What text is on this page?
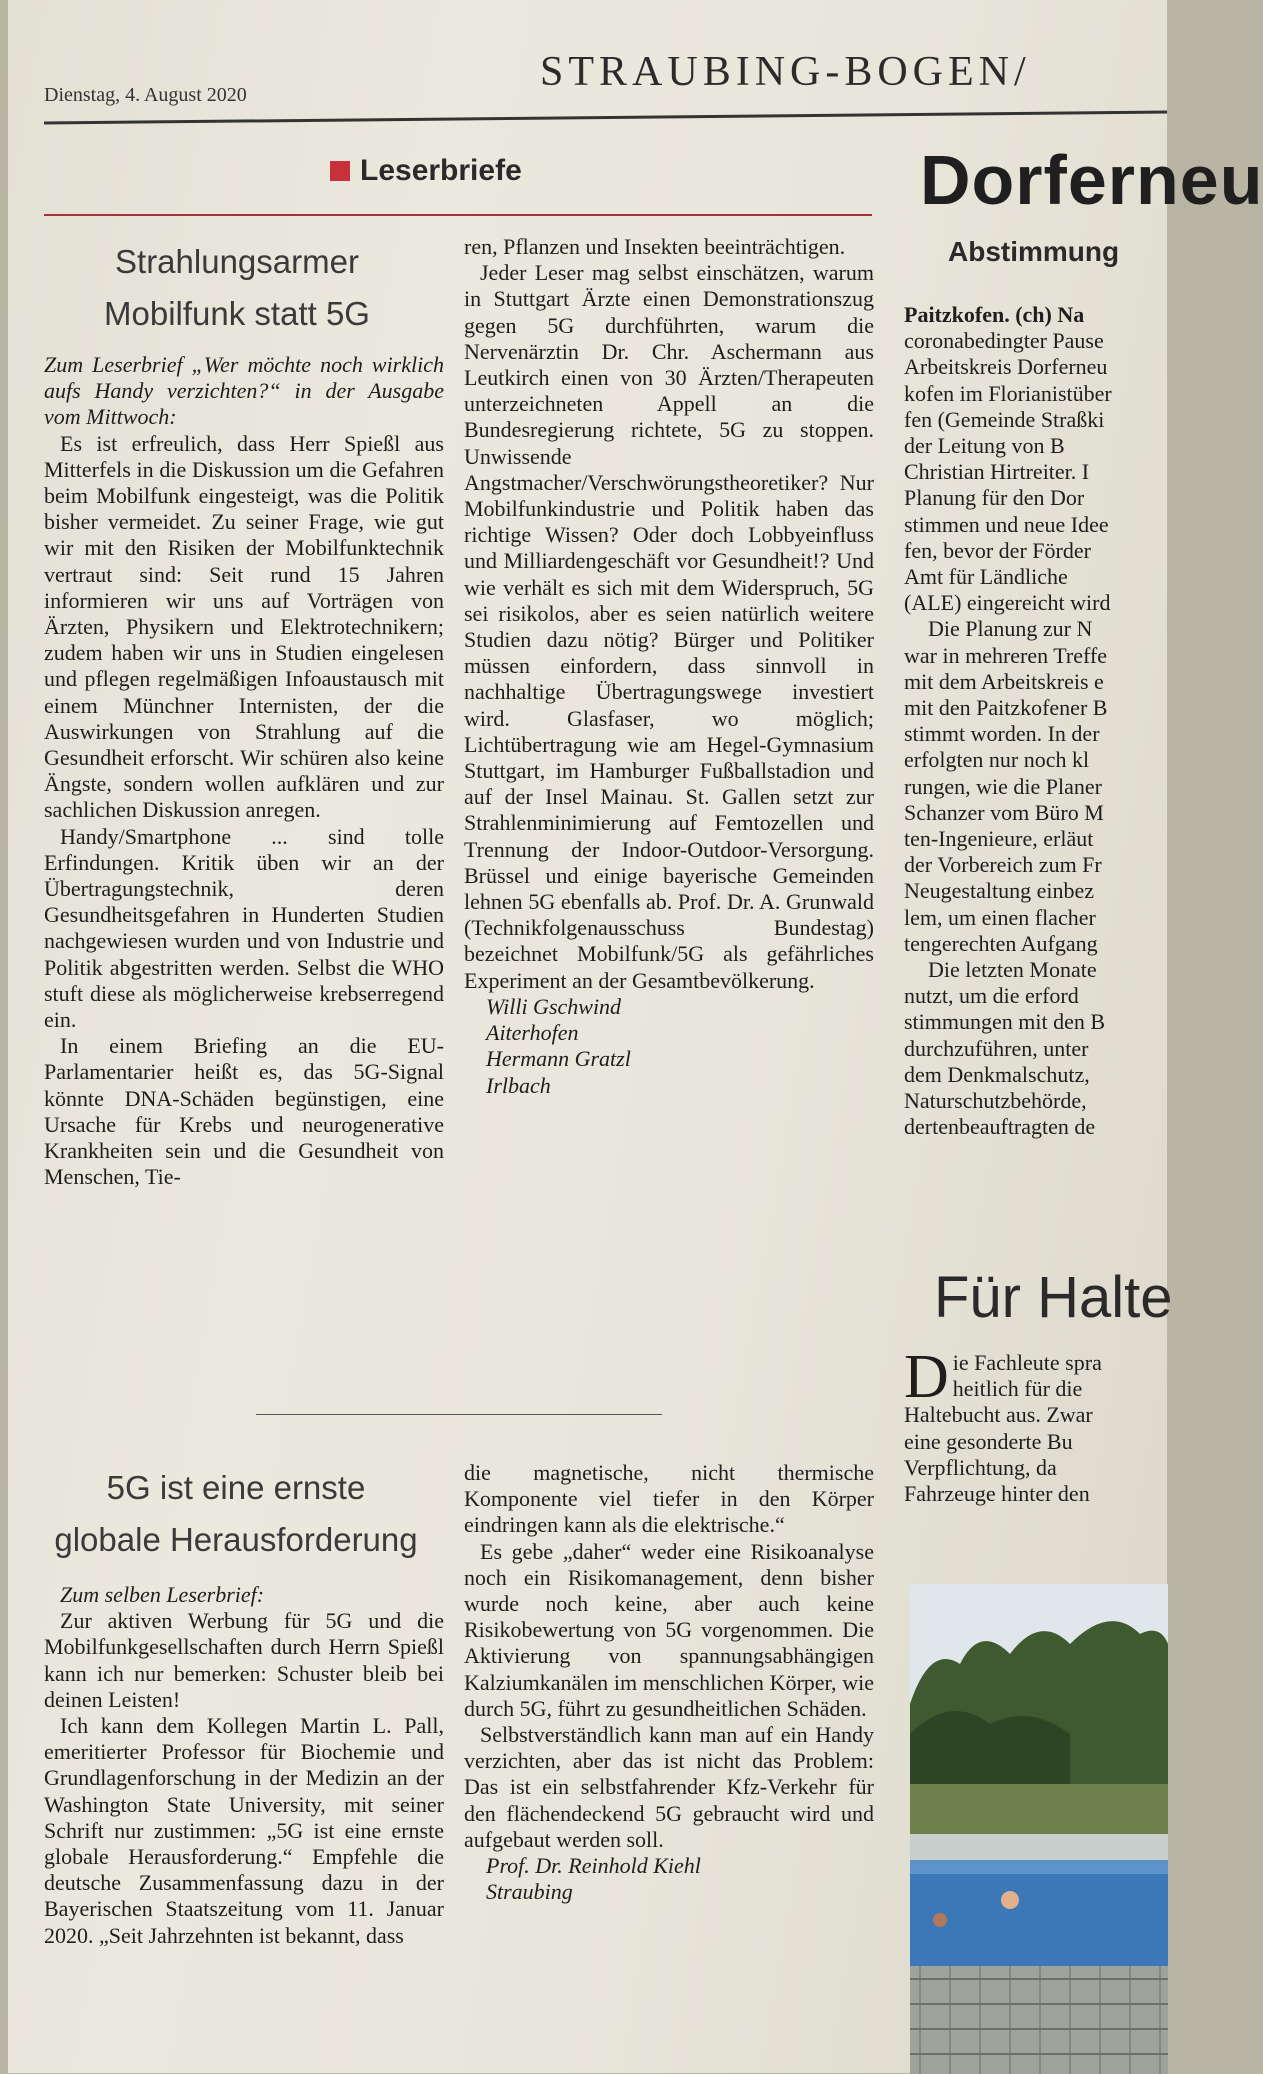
Dienstag, 4. August 2020	STRAUBING-BOGEN/
Leserbriefe
Strahlungsarmer
Mobilfunk statt 5G

Zum Leserbrief „Wer möchte noch wirklich aufs Handy verzichten?“ in der Ausgabe vom Mittwoch:

Es ist erfreulich, dass Herr Spießl aus Mitterfels in die Diskussion um die Gefahren beim Mobilfunk eingesteigt, was die Politik bisher vermeidet. Zu seiner Frage, wie gut wir mit den Risiken der Mobilfunktechnik vertraut sind: Seit rund 15 Jahren informieren wir uns auf Vorträgen von Ärzten, Physikern und Elektrotechnikern; zudem haben wir uns in Studien eingelesen und pflegen regelmäßigen Infoaustausch mit einem Münchner Internisten, der die Auswirkungen von Strahlung auf die Gesundheit erforscht. Wir schüren also keine Ängste, sondern wollen aufklären und zur sachlichen Diskussion anregen.

Handy/Smartphone ... sind tolle Erfindungen. Kritik üben wir an der Übertragungstechnik, deren Gesundheitsgefahren in Hunderten Studien nachgewiesen wurden und von Industrie und Politik abgestritten werden. Selbst die WHO stuft diese als möglicherweise krebserregend ein.

In einem Briefing an die EU-Parlamentarier heißt es, das 5G-Signal könnte DNA-Schäden begünstigen, eine Ursache für Krebs und neurogenerative Krankheiten sein und die Gesundheit von Menschen, Tie-

ren, Pflanzen und Insekten beeinträchtigen.

Jeder Leser mag selbst einschätzen, warum in Stuttgart Ärzte einen Demonstrationszug gegen 5G durchführten, warum die Nervenärztin Dr. Chr. Aschermann aus Leutkirch einen von 30 Ärzten/Therapeuten unterzeichneten Appell an die Bundesregierung richtete, 5G zu stoppen. Unwissende Angstmacher/Verschwörungstheoretiker? Nur Mobilfunkindustrie und Politik haben das richtige Wissen? Oder doch Lobbyeinfluss und Milliardengeschäft vor Gesundheit!? Und wie verhält es sich mit dem Widerspruch, 5G sei risikolos, aber es seien natürlich weitere Studien dazu nötig? Bürger und Politiker müssen einfordern, dass sinnvoll in nachhaltige Übertragungswege investiert wird. Glasfaser, wo möglich; Lichtübertragung wie am Hegel-Gymnasium Stuttgart, im Hamburger Fußballstadion und auf der Insel Mainau. St. Gallen setzt zur Strahlenminimierung auf Femtozellen und Trennung der Indoor-Outdoor-Versorgung. Brüssel und einige bayerische Gemeinden lehnen 5G ebenfalls ab. Prof. Dr. A. Grunwald (Technikfolgenausschuss Bundestag) bezeichnet Mobilfunk/5G als gefährliches Experiment an der Gesamtbevölkerung.

Willi Gschwind
Aiterhofen
Hermann Gratzl
Irlbach
5G ist eine ernste
globale Herausforderung

Zum selben Leserbrief:

Zur aktiven Werbung für 5G und die Mobilfunkgesellschaften durch Herrn Spießl kann ich nur bemerken: Schuster bleib bei deinen Leisten!

Ich kann dem Kollegen Martin L. Pall, emeritierter Professor für Biochemie und Grundlagenforschung in der Medizin an der Washington State University, mit seiner Schrift nur zustimmen: „5G ist eine ernste globale Herausforderung.“ Empfehle die deutsche Zusammenfassung dazu in der Bayerischen Staatszeitung vom 11. Januar 2020. „Seit Jahrzehnten ist bekannt, dass

die magnetische, nicht thermische Komponente viel tiefer in den Körper eindringen kann als die elektrische.“

Es gebe „daher“ weder eine Risikoanalyse noch ein Risikomanagement, denn bisher wurde noch keine, aber auch keine Risikobewertung von 5G vorgenommen. Die Aktivierung von spannungsabhängigen Kalziumkanälen im menschlichen Körper, wie durch 5G, führt zu gesundheitlichen Schäden.

Selbstverständlich kann man auf ein Handy verzichten, aber das ist nicht das Problem: Das ist ein selbstfahrender Kfz-Verkehr für den flächendeckend 5G gebraucht wird und aufgebaut werden soll.

Prof. Dr. Reinhold Kiehl
Straubing
Dorferneu
Abstimmung
Paitzkofen. (ch) Na
coronabedingter Pause
Arbeitskreis Dorferneu
kofen im Florianistüber
fen (Gemeinde Straßki
der Leitung von B
Christian Hirtreiter. I
Planung für den Dor
stimmen und neue Idee
fen, bevor der Förder
Amt für Ländliche
(ALE) eingereicht wird
Die Planung zur N
war in mehreren Treffe
mit dem Arbeitskreis e
mit den Paitzkofener B
stimmt worden. In der
erfolgten nur noch kl
rungen, wie die Planer
Schanzer vom Büro M
ten-Ingenieure, erläut
der Vorbereich zum Fr
Neugestaltung einbez
lem, um einen flacher
tengerechten Aufgang
Die letzten Monate
nutzt, um die erford
stimmungen mit den B
durchzuführen, unter
dem Denkmalschutz,
Naturschutzbehörde,
dertenbeauftragten de
Für Halte
D ie Fachleute spra
heitlich für die
Haltebucht aus. Zwar
eine gesonderte Bu
Verpflichtung, da
Fahrzeuge hinter den
